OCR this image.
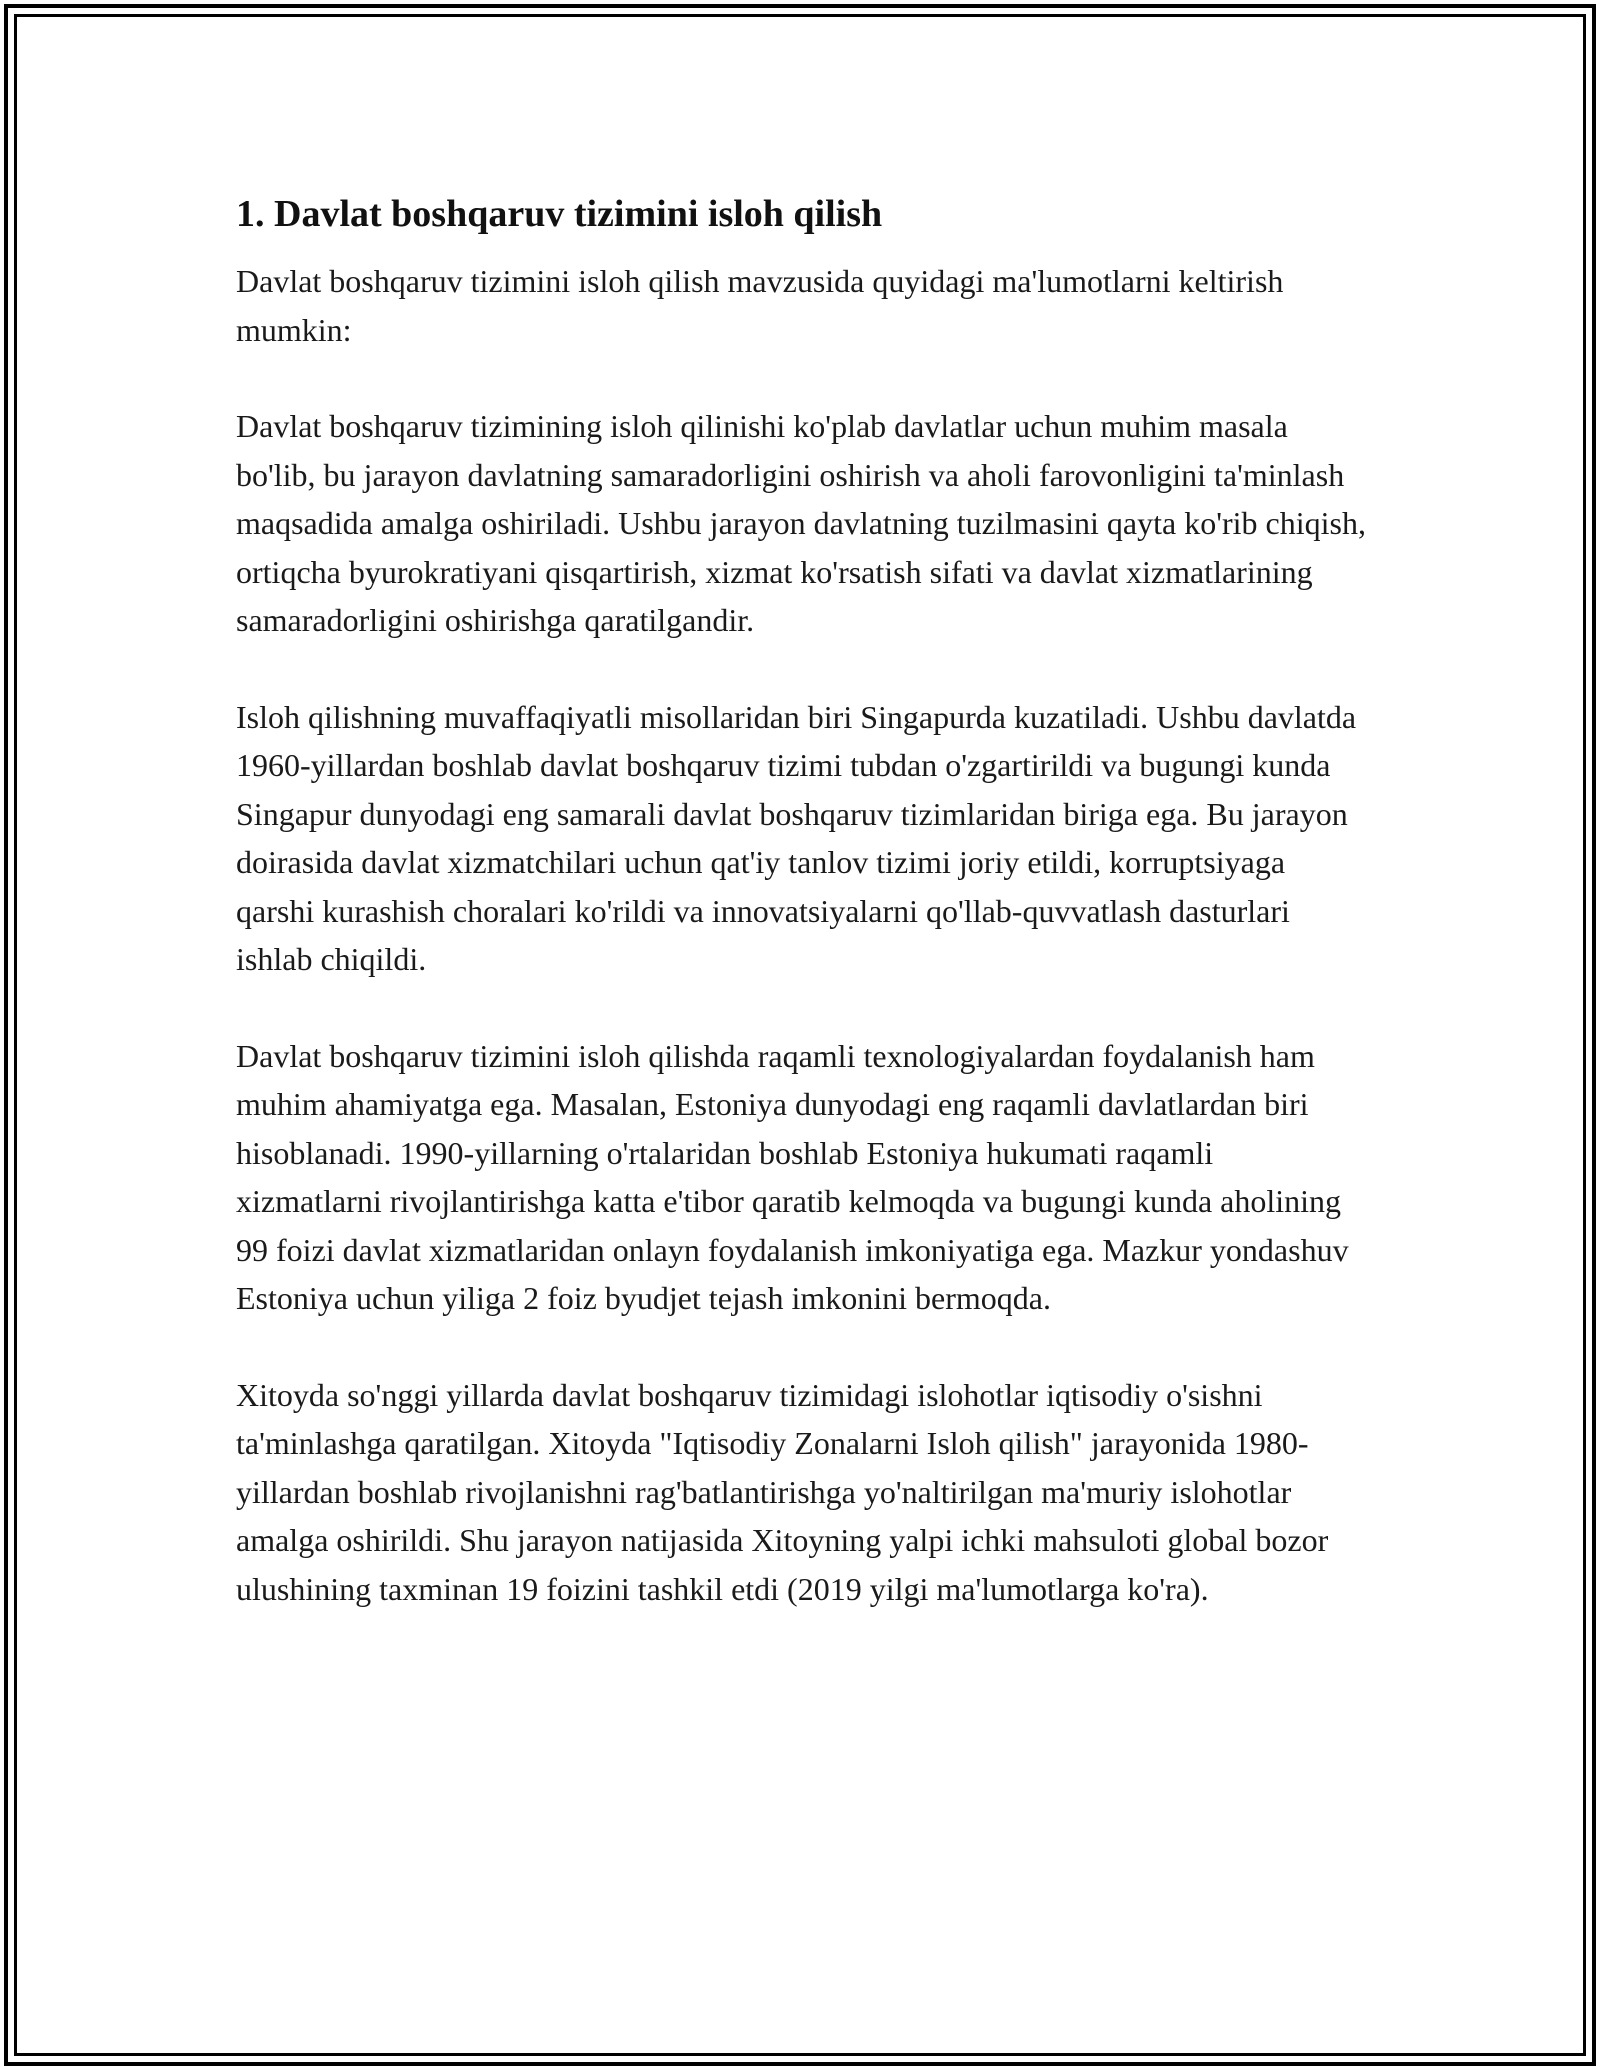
1. Davlat boshqaruv tizimini isloh qilish

Davlat boshqaruv tizimini isloh qilish mavzusida quyidagi ma'lumotlarni keltirish mumkin:

Davlat boshqaruv tizimining isloh qilinishi ko'plab davlatlar uchun muhim masala bo'lib, bu jarayon davlatning samaradorligini oshirish va aholi farovonligini ta'minlash maqsadida amalga oshiriladi. Ushbu jarayon davlatning tuzilmasini qayta ko'rib chiqish, ortiqcha byurokratiyani qisqartirish, xizmat ko'rsatish sifati va davlat xizmatlarining samaradorligini oshirishga qaratilgandir.

Isloh qilishning muvaffaqiyatli misollaridan biri Singapurda kuzatiladi. Ushbu davlatda 1960-yillardan boshlab davlat boshqaruv tizimi tubdan o'zgartirildi va bugungi kunda Singapur dunyodagi eng samarali davlat boshqaruv tizimlaridan biriga ega. Bu jarayon doirasida davlat xizmatchilari uchun qat'iy tanlov tizimi joriy etildi, korruptsiyaga qarshi kurashish choralari ko'rildi va innovatsiyalarni qo'llab-quvvatlash dasturlari ishlab chiqildi.

Davlat boshqaruv tizimini isloh qilishda raqamli texnologiyalardan foydalanish ham muhim ahamiyatga ega. Masalan, Estoniya dunyodagi eng raqamli davlatlardan biri hisoblanadi. 1990-yillarning o'rtalaridan boshlab Estoniya hukumati raqamli xizmatlarni rivojlantirishga katta e'tibor qaratib kelmoqda va bugungi kunda aholining 99 foizi davlat xizmatlaridan onlayn foydalanish imkoniyatiga ega. Mazkur yondashuv Estoniya uchun yiliga 2 foiz byudjet tejash imkonini bermoqda.

Xitoyda so'nggi yillarda davlat boshqaruv tizimidagi islohotlar iqtisodiy o'sishni ta'minlashga qaratilgan. Xitoyda "Iqtisodiy Zonalarni Isloh qilish" jarayonida 1980-yillardan boshlab rivojlanishni rag'batlantirishga yo'naltirilgan ma'muriy islohotlar amalga oshirildi. Shu jarayon natijasida Xitoyning yalpi ichki mahsuloti global bozor ulushining taxminan 19 foizini tashkil etdi (2019 yilgi ma'lumotlarga ko'ra).
